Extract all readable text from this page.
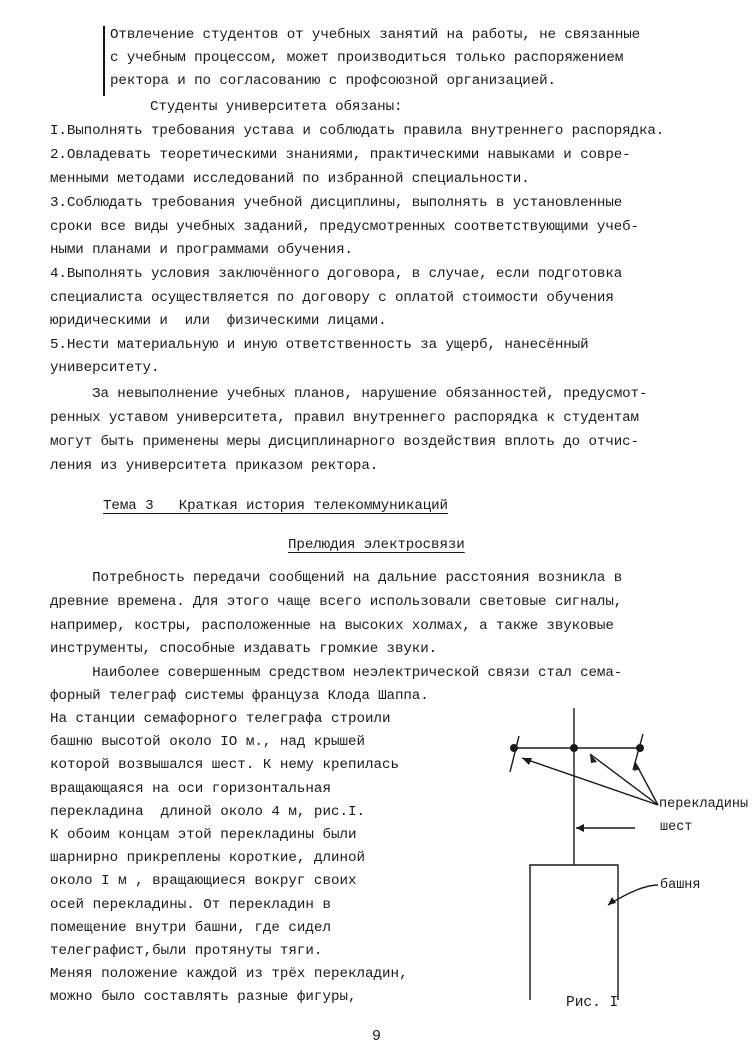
Отвлечение студентов от учебных занятий на работы, не связанные
с учебным процессом, может производиться только распоряжением
ректора и по согласованию с профсоюзной организацией.
Студенты университета обязаны:
I.Выполнять требования устава и соблюдать правила внутреннего распорядка.
2.Овладевать теоретическими знаниями, практическими навыками и совре-
менными методами исследований по избранной специальности.
3.Соблюдать требования учебной дисциплины, выполнять в установленные
сроки все виды учебных заданий, предусмотренных соответствующими учеб-
ными планами и программами обучения.
4.Выполнять условия заключённого договора, в случае, если подготовка
специалиста осуществляется по договору с оплатой стоимости обучения
юридическими и  или  физическими лицами.
5.Нести материальную и иную ответственность за ущерб, нанесённый
университету.
За невыполнение учебных планов, нарушение обязанностей, предусмот-
ренных уставом университета, правил внутреннего распорядка к студентам
могут быть применены меры дисциплинарного воздействия вплоть до отчис-
ления из университета приказом ректора.
Тема 3   Краткая история телекоммуникаций
Прелюдия электросвязи
Потребность передачи сообщений на дальние расстояния возникла в
древние времена. Для этого чаще всего использовали световые сигналы,
например, костры, расположенные на высоких холмах, а также звуковые
инструменты, способные издавать громкие звуки.
Наиболее совершенным средством неэлектрической связи стал сема-
форный телеграф системы француза Клода Шаппа.
На станции семафорного телеграфа строили
башню высотой около IO м., над крышей
которой возвышался шест. К нему крепилась
вращающаяся на оси горизонтальная
перекладина  длиной около 4 м, рис.I.
К обоим концам этой перекладины были
шарнирно прикреплены короткие, длиной
около I м , вращающиеся вокруг своих
осей перекладины. От перекладин в
помещение внутри башни, где сидел
телеграфист,были протянуты тяги.
Меняя положение каждой из трёх перекладин,
можно было составлять разные фигуры,
перекладины
шест
башня
Рис. I
9
